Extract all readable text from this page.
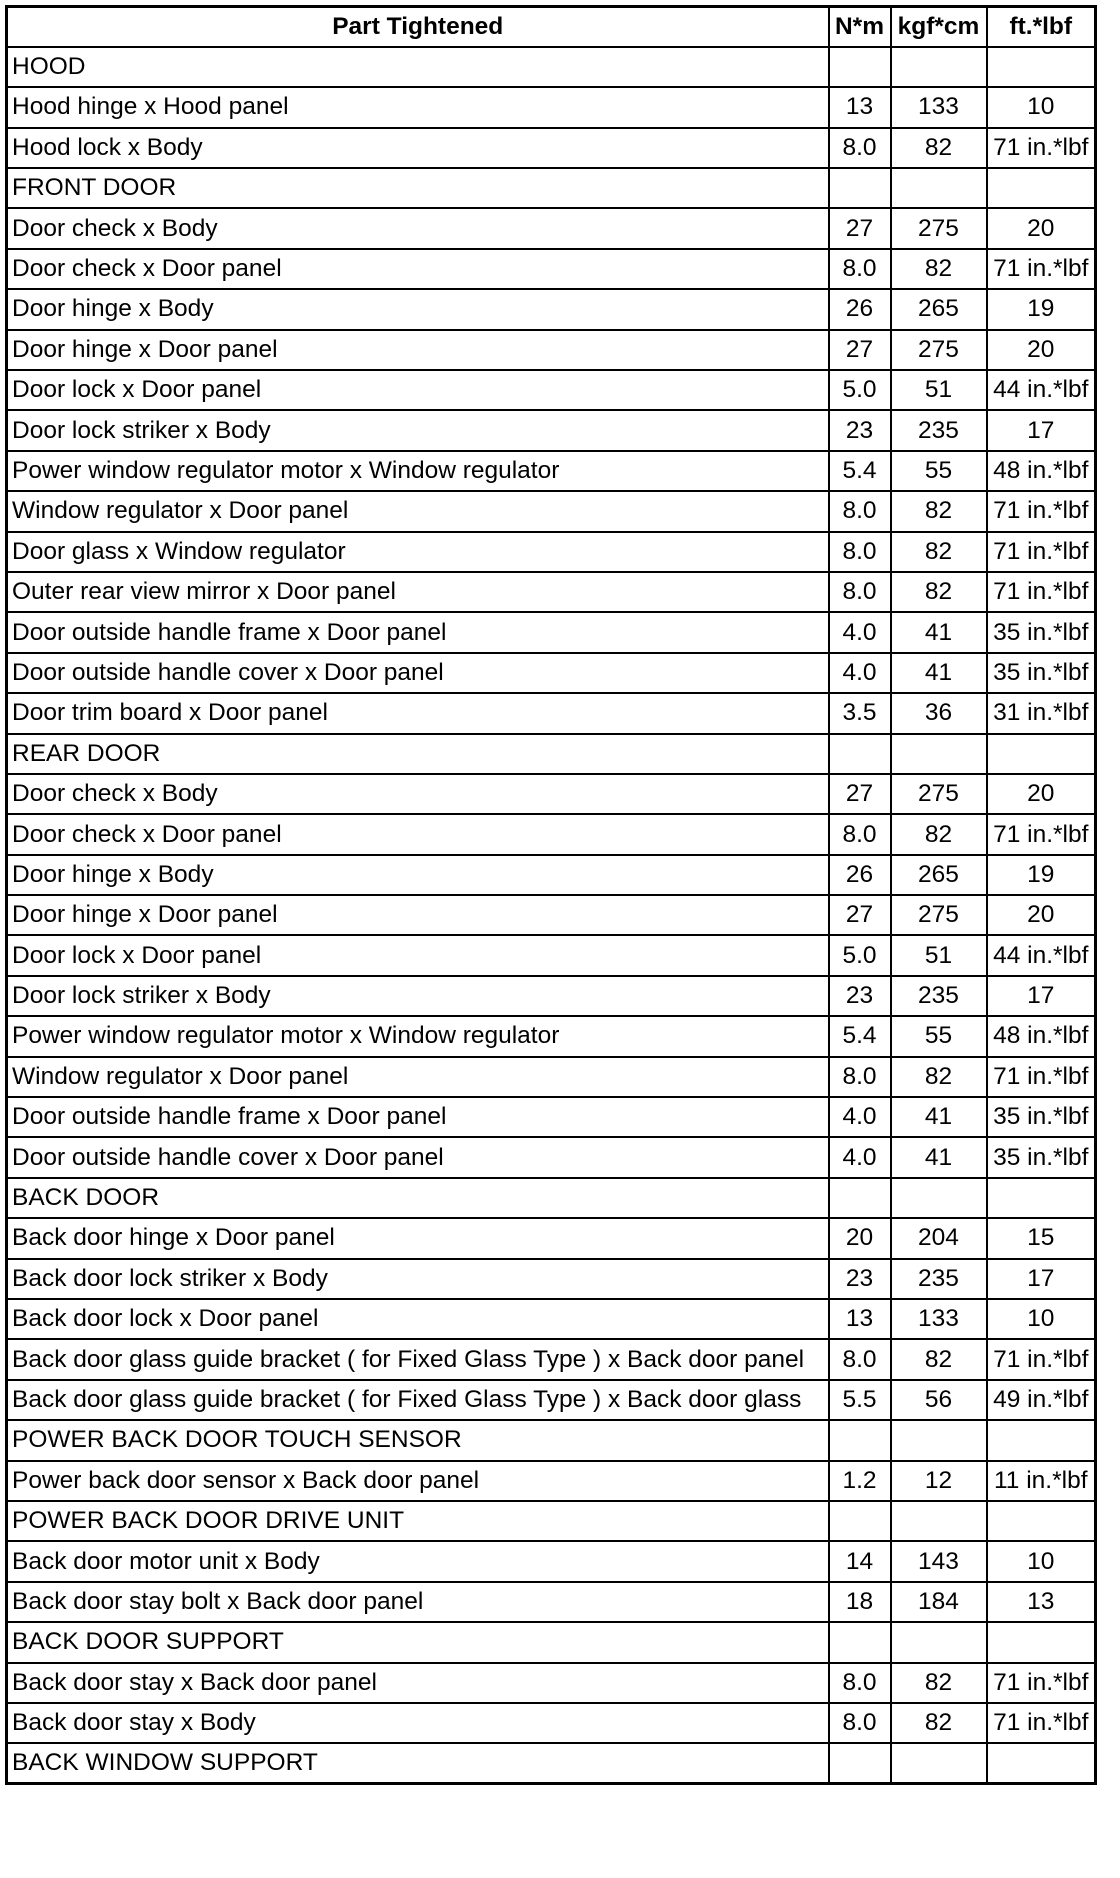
Part Tightened	N*m	kgf*cm	ft.*lbf
HOOD			
Hood hinge x Hood panel	13	133	10
Hood lock x Body	8.0	82	71 in.*lbf
FRONT DOOR			
Door check x Body	27	275	20
Door check x Door panel	8.0	82	71 in.*lbf
Door hinge x Body	26	265	19
Door hinge x Door panel	27	275	20
Door lock x Door panel	5.0	51	44 in.*lbf
Door lock striker x Body	23	235	17
Power window regulator motor x Window regulator	5.4	55	48 in.*lbf
Window regulator x Door panel	8.0	82	71 in.*lbf
Door glass x Window regulator	8.0	82	71 in.*lbf
Outer rear view mirror x Door panel	8.0	82	71 in.*lbf
Door outside handle frame x Door panel	4.0	41	35 in.*lbf
Door outside handle cover x Door panel	4.0	41	35 in.*lbf
Door trim board x Door panel	3.5	36	31 in.*lbf
REAR DOOR			
Door check x Body	27	275	20
Door check x Door panel	8.0	82	71 in.*lbf
Door hinge x Body	26	265	19
Door hinge x Door panel	27	275	20
Door lock x Door panel	5.0	51	44 in.*lbf
Door lock striker x Body	23	235	17
Power window regulator motor x Window regulator	5.4	55	48 in.*lbf
Window regulator x Door panel	8.0	82	71 in.*lbf
Door outside handle frame x Door panel	4.0	41	35 in.*lbf
Door outside handle cover x Door panel	4.0	41	35 in.*lbf
BACK DOOR			
Back door hinge x Door panel	20	204	15
Back door lock striker x Body	23	235	17
Back door lock x Door panel	13	133	10
Back door glass guide bracket ( for Fixed Glass Type ) x Back door panel	8.0	82	71 in.*lbf
Back door glass guide bracket ( for Fixed Glass Type ) x Back door glass	5.5	56	49 in.*lbf
POWER BACK DOOR TOUCH SENSOR			
Power back door sensor x Back door panel	1.2	12	11 in.*lbf
POWER BACK DOOR DRIVE UNIT			
Back door motor unit x Body	14	143	10
Back door stay bolt x Back door panel	18	184	13
BACK DOOR SUPPORT			
Back door stay x Back door panel	8.0	82	71 in.*lbf
Back door stay x Body	8.0	82	71 in.*lbf
BACK WINDOW SUPPORT			
